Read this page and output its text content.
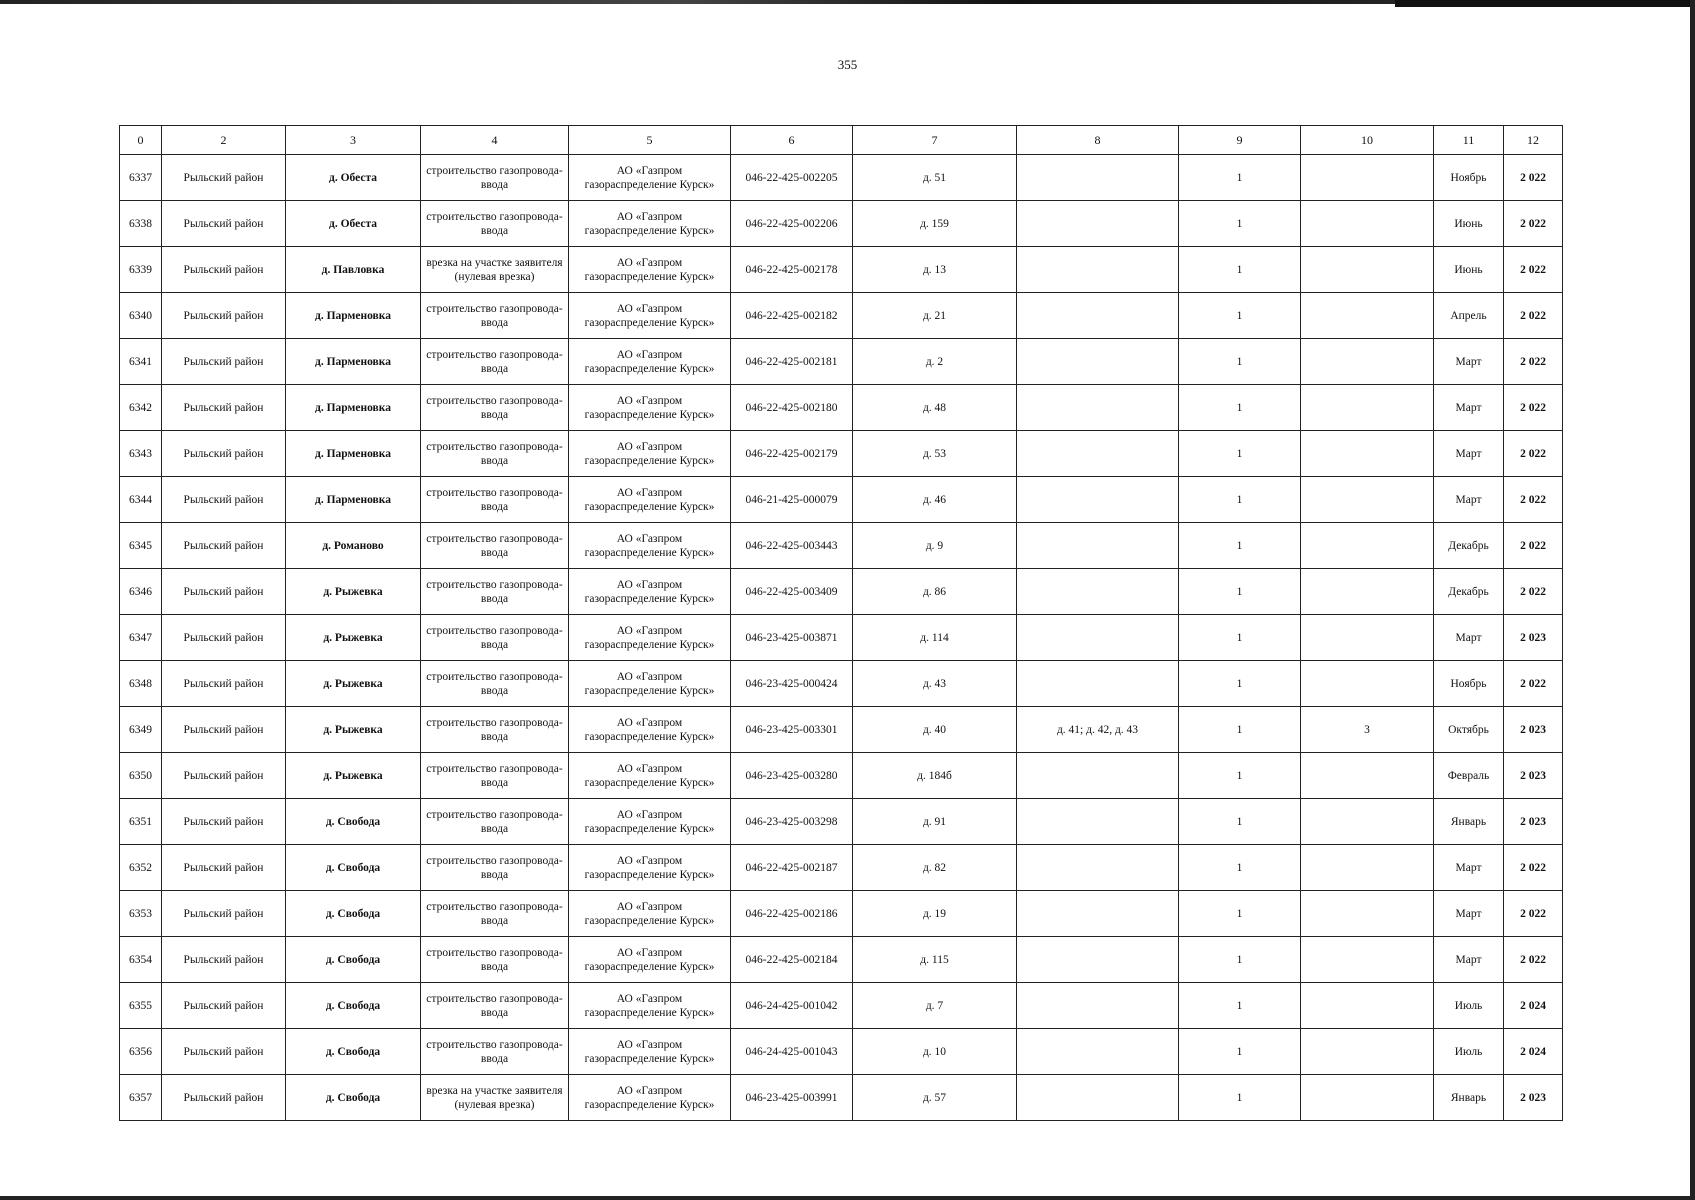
355
0	2	3	4	5	6	7	8	9	10	11	12
6337	Рыльский район	д. Обеста	строительство газопровода-ввода	АО «Газпром газораспределение Курск»	046-22-425-002205	д. 51		1		Ноябрь	2 022
6338	Рыльский район	д. Обеста	строительство газопровода-ввода	АО «Газпром газораспределение Курск»	046-22-425-002206	д. 159		1		Июнь	2 022
6339	Рыльский район	д. Павловка	врезка на участке заявителя (нулевая врезка)	АО «Газпром газораспределение Курск»	046-22-425-002178	д. 13		1		Июнь	2 022
6340	Рыльский район	д. Парменовка	строительство газопровода-ввода	АО «Газпром газораспределение Курск»	046-22-425-002182	д. 21		1		Апрель	2 022
6341	Рыльский район	д. Парменовка	строительство газопровода-ввода	АО «Газпром газораспределение Курск»	046-22-425-002181	д. 2		1		Март	2 022
6342	Рыльский район	д. Парменовка	строительство газопровода-ввода	АО «Газпром газораспределение Курск»	046-22-425-002180	д. 48		1		Март	2 022
6343	Рыльский район	д. Парменовка	строительство газопровода-ввода	АО «Газпром газораспределение Курск»	046-22-425-002179	д. 53		1		Март	2 022
6344	Рыльский район	д. Парменовка	строительство газопровода-ввода	АО «Газпром газораспределение Курск»	046-21-425-000079	д. 46		1		Март	2 022
6345	Рыльский район	д. Романово	строительство газопровода-ввода	АО «Газпром газораспределение Курск»	046-22-425-003443	д. 9		1		Декабрь	2 022
6346	Рыльский район	д. Рыжевка	строительство газопровода-ввода	АО «Газпром газораспределение Курск»	046-22-425-003409	д. 86		1		Декабрь	2 022
6347	Рыльский район	д. Рыжевка	строительство газопровода-ввода	АО «Газпром газораспределение Курск»	046-23-425-003871	д. 114		1		Март	2 023
6348	Рыльский район	д. Рыжевка	строительство газопровода-ввода	АО «Газпром газораспределение Курск»	046-23-425-000424	д. 43		1		Ноябрь	2 022
6349	Рыльский район	д. Рыжевка	строительство газопровода-ввода	АО «Газпром газораспределение Курск»	046-23-425-003301	д. 40	д. 41; д. 42, д. 43	1	3	Октябрь	2 023
6350	Рыльский район	д. Рыжевка	строительство газопровода-ввода	АО «Газпром газораспределение Курск»	046-23-425-003280	д. 184б		1		Февраль	2 023
6351	Рыльский район	д. Свобода	строительство газопровода-ввода	АО «Газпром газораспределение Курск»	046-23-425-003298	д. 91		1		Январь	2 023
6352	Рыльский район	д. Свобода	строительство газопровода-ввода	АО «Газпром газораспределение Курск»	046-22-425-002187	д. 82		1		Март	2 022
6353	Рыльский район	д. Свобода	строительство газопровода-ввода	АО «Газпром газораспределение Курск»	046-22-425-002186	д. 19		1		Март	2 022
6354	Рыльский район	д. Свобода	строительство газопровода-ввода	АО «Газпром газораспределение Курск»	046-22-425-002184	д. 115		1		Март	2 022
6355	Рыльский район	д. Свобода	строительство газопровода-ввода	АО «Газпром газораспределение Курск»	046-24-425-001042	д. 7		1		Июль	2 024
6356	Рыльский район	д. Свобода	строительство газопровода-ввода	АО «Газпром газораспределение Курск»	046-24-425-001043	д. 10		1		Июль	2 024
6357	Рыльский район	д. Свобода	врезка на участке заявителя (нулевая врезка)	АО «Газпром газораспределение Курск»	046-23-425-003991	д. 57		1		Январь	2 023
